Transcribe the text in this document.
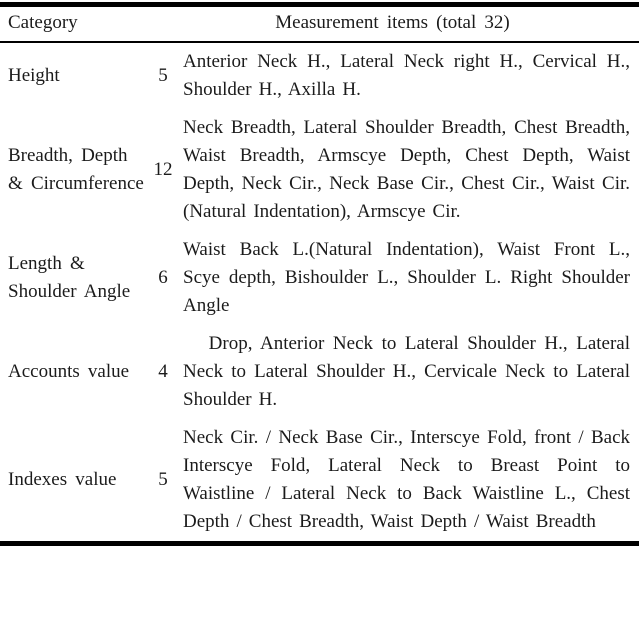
Category	Measurement items (total 32)	
Height	5	Anterior Neck H., Lateral Neck right H., Cervical H., Shoulder H., Axilla H.
Breadth, Depth & Circumference	12	Neck Breadth, Lateral Shoulder Breadth, Chest Breadth, Waist Breadth, Armscye Depth, Chest Depth, Waist Depth, Neck Cir., Neck Base Cir., Chest Cir., Waist Cir.(Natural Indentation), Armscye Cir.
Length & Shoulder Angle	6	Waist Back L.(Natural Indentation), Waist Front L., Scye depth, Bishoulder L., Shoulder L. Right Shoulder Angle
Accounts value	4	Drop, Anterior Neck to Lateral Shoulder H., Lateral Neck to Lateral Shoulder H., Cervicale Neck to Lateral Shoulder H.
Indexes value	5	Neck Cir. / Neck Base Cir., Interscye Fold, front / Back Interscye Fold, Lateral Neck to Breast Point to Waistline / Lateral Neck to Back Waistline L., Chest Depth / Chest Breadth, Waist Depth / Waist Breadth
